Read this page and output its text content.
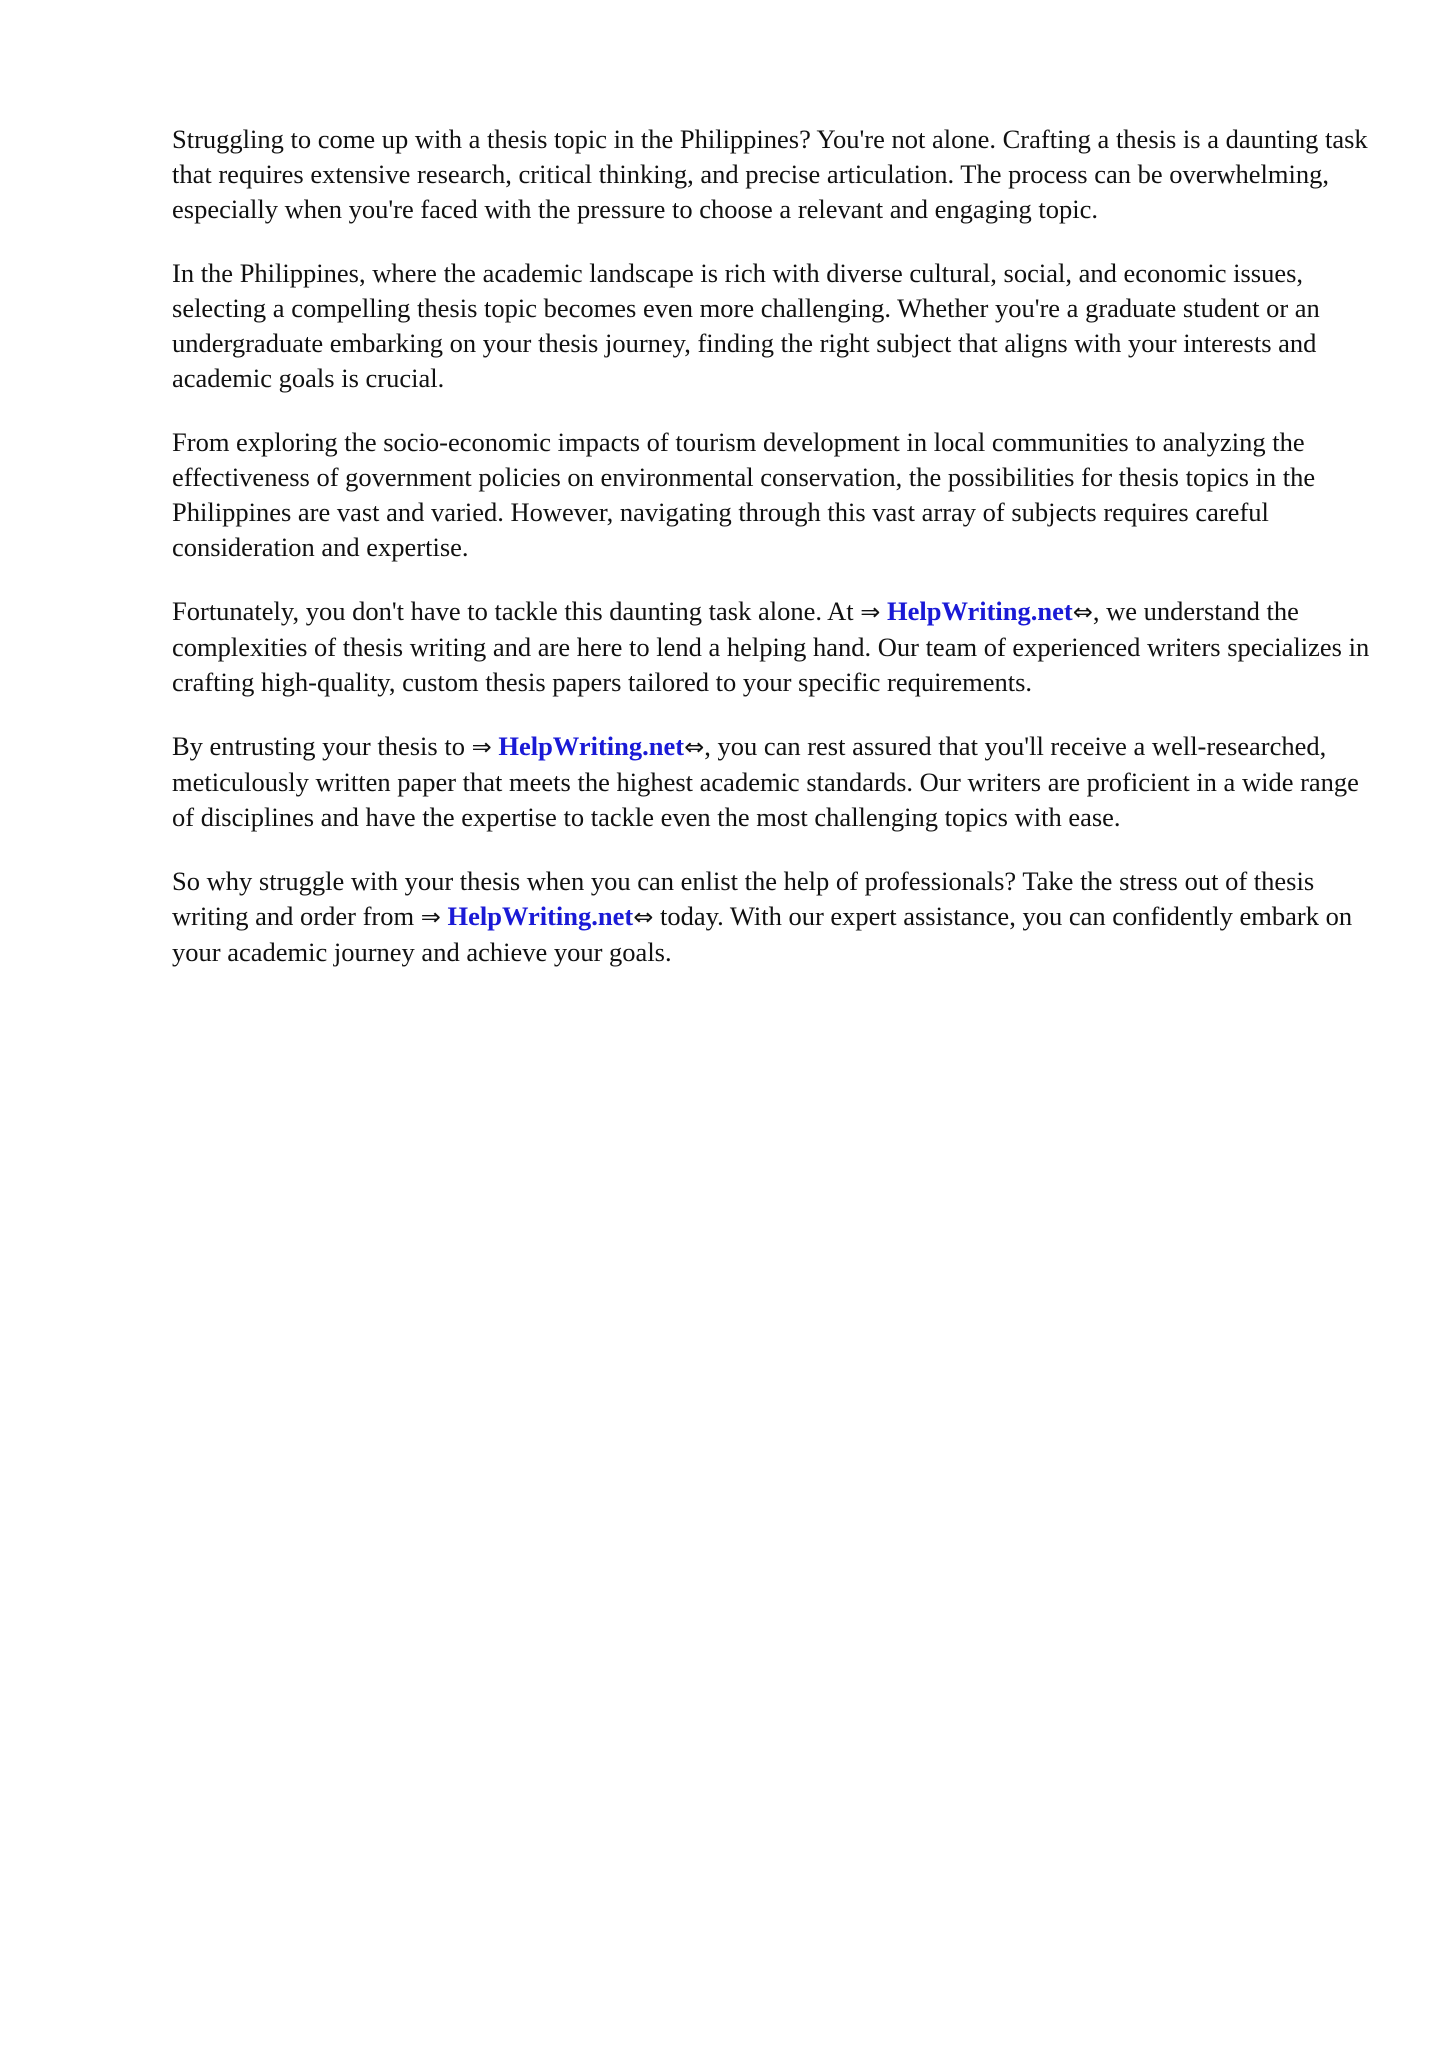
Struggling to come up with a thesis topic in the Philippines? You're not alone. Crafting a thesis is a daunting task that requires extensive research, critical thinking, and precise articulation. The process can be overwhelming, especially when you're faced with the pressure to choose a relevant and engaging topic.

In the Philippines, where the academic landscape is rich with diverse cultural, social, and economic issues, selecting a compelling thesis topic becomes even more challenging. Whether you're a graduate student or an undergraduate embarking on your thesis journey, finding the right subject that aligns with your interests and academic goals is crucial.

From exploring the socio-economic impacts of tourism development in local communities to analyzing the effectiveness of government policies on environmental conservation, the possibilities for thesis topics in the Philippines are vast and varied. However, navigating through this vast array of subjects requires careful consideration and expertise.

Fortunately, you don't have to tackle this daunting task alone. At ⇒ HelpWriting.net⇔, we understand the complexities of thesis writing and are here to lend a helping hand. Our team of experienced writers specializes in crafting high-quality, custom thesis papers tailored to your specific requirements.

By entrusting your thesis to ⇒ HelpWriting.net⇔, you can rest assured that you'll receive a well-researched, meticulously written paper that meets the highest academic standards. Our writers are proficient in a wide range of disciplines and have the expertise to tackle even the most challenging topics with ease.

So why struggle with your thesis when you can enlist the help of professionals? Take the stress out of thesis writing and order from ⇒ HelpWriting.net⇔ today. With our expert assistance, you can confidently embark on your academic journey and achieve your goals.
